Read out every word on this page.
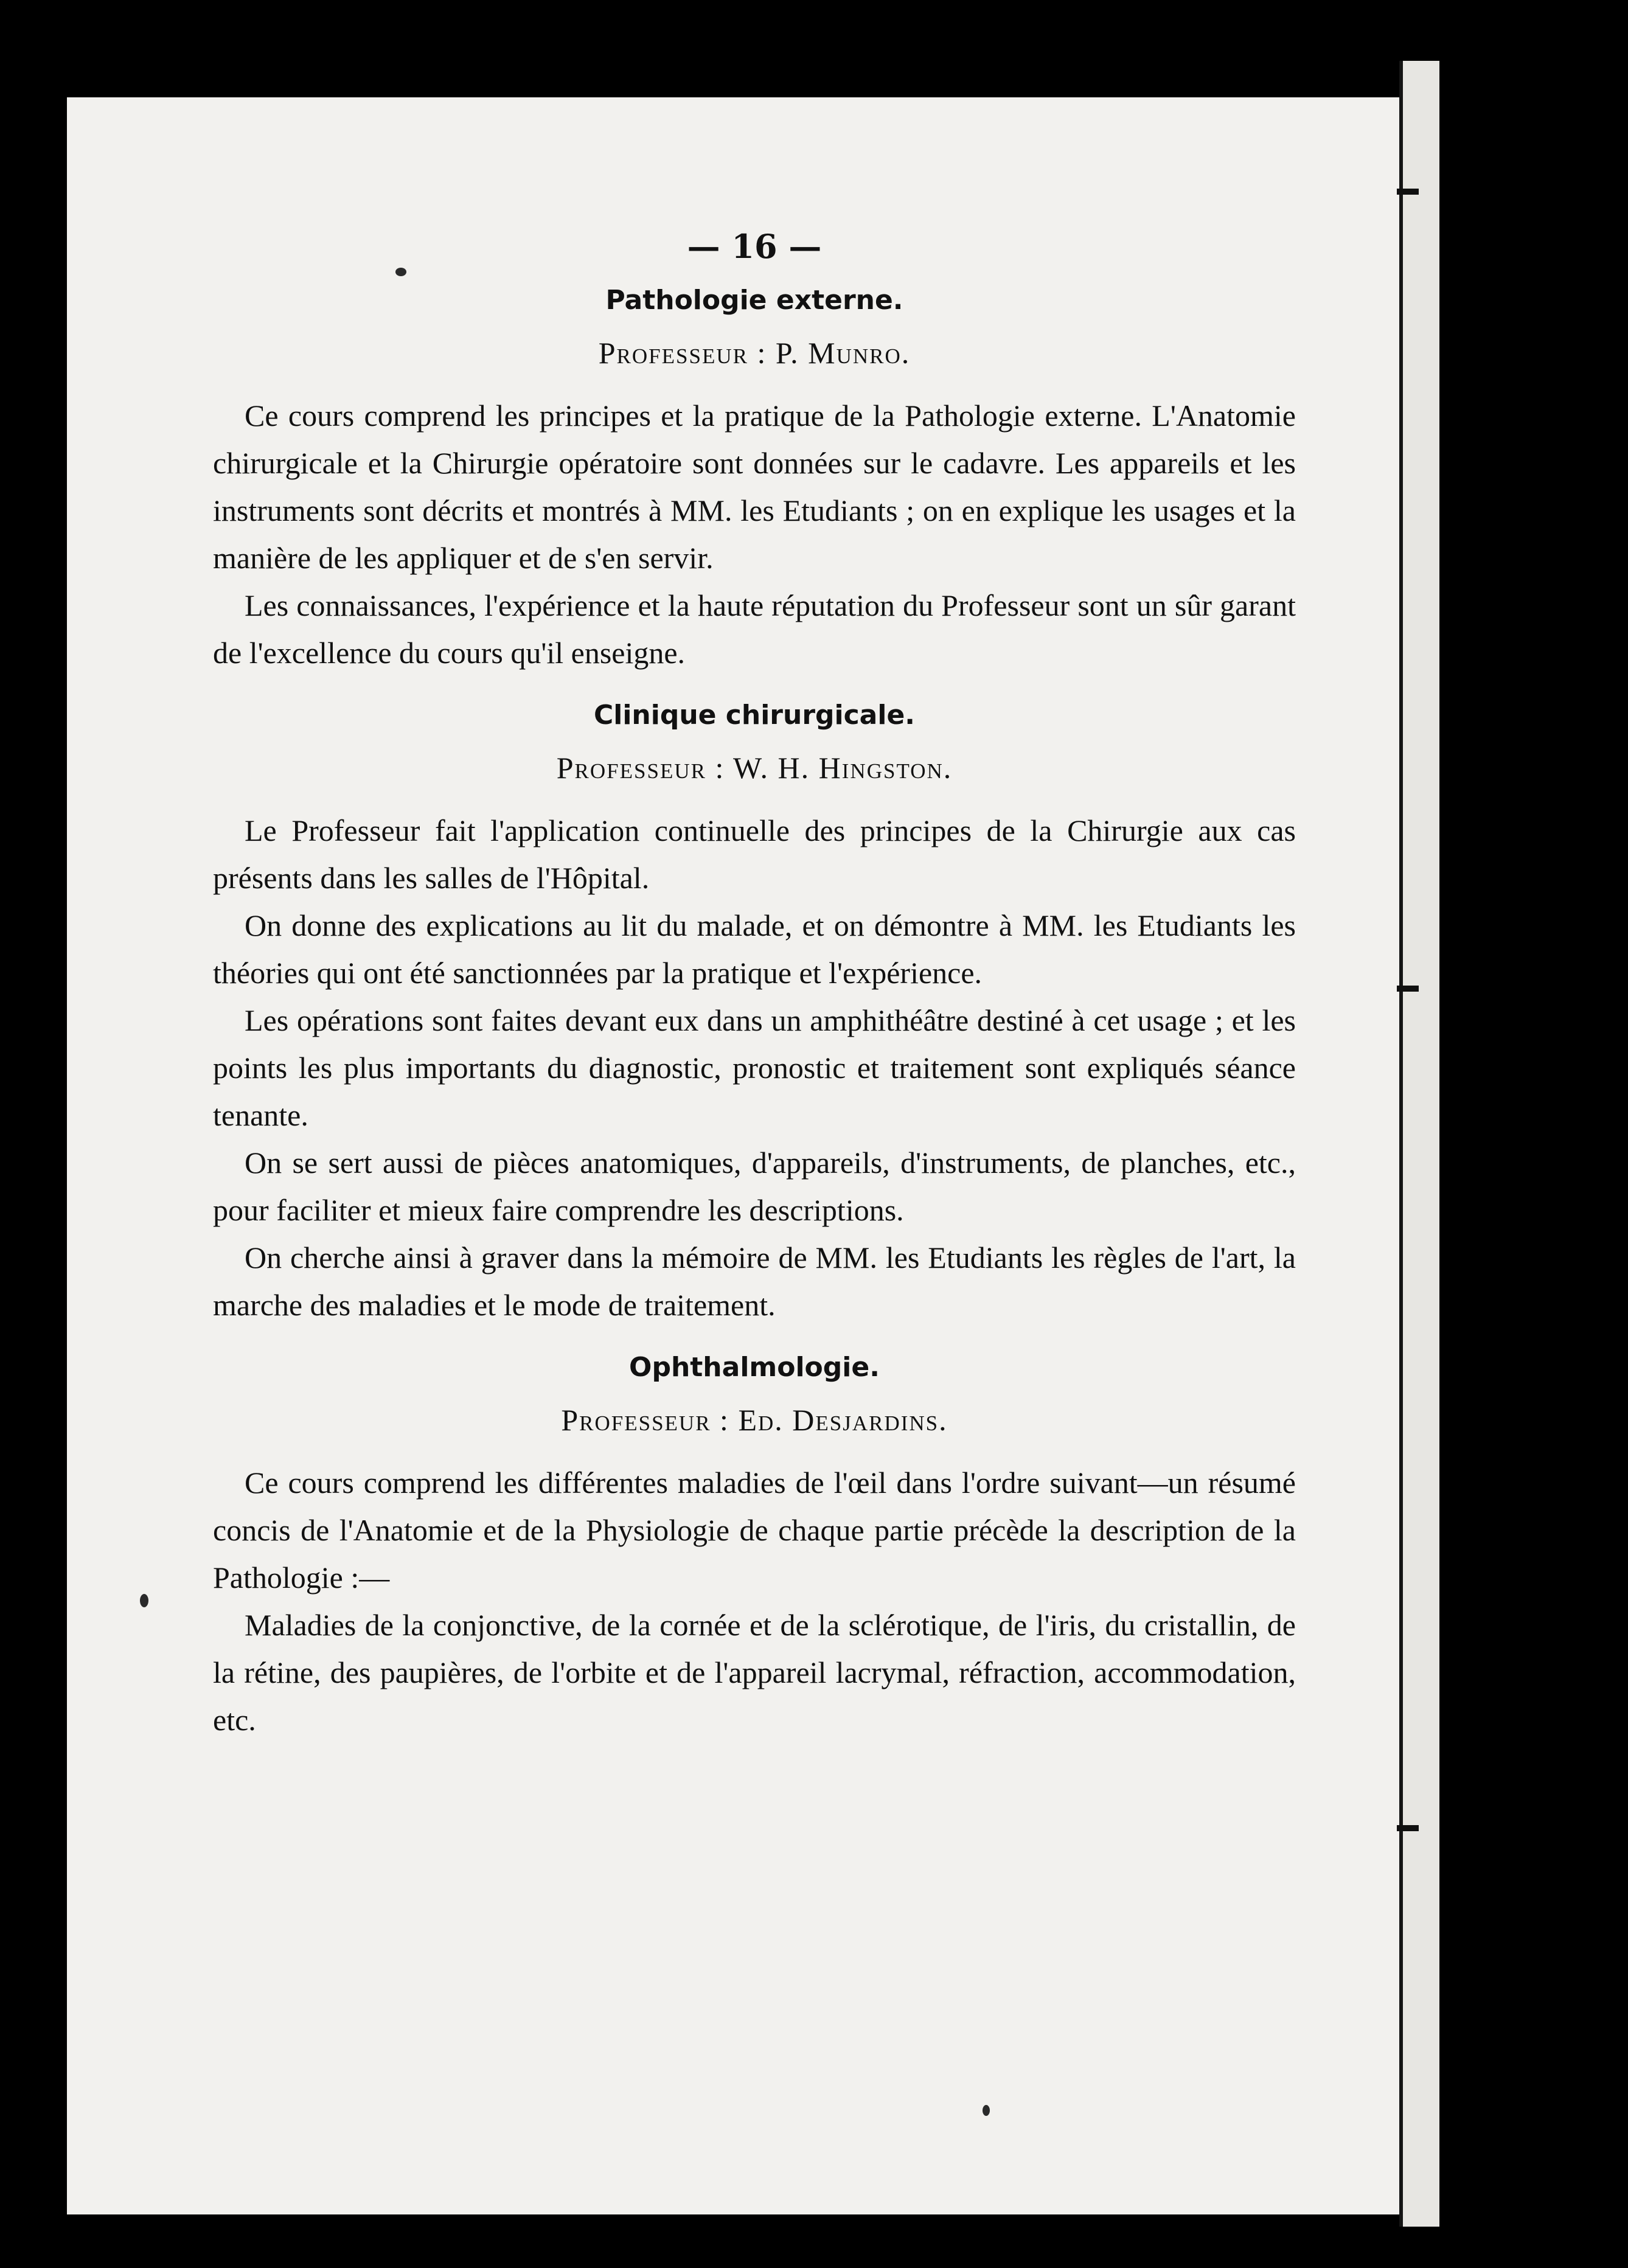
— 16 —
Pathologie externe.
Professeur : P. Munro.

Ce cours comprend les principes et la pratique de la Pathologie externe. L'Anatomie chirurgicale et la Chirurgie opératoire sont données sur le cadavre. Les appareils et les instruments sont décrits et montrés à MM. les Etudiants ; on en explique les usages et la manière de les appliquer et de s'en servir.

Les connaissances, l'expérience et la haute réputation du Professeur sont un sûr garant de l'excellence du cours qu'il enseigne.

Clinique chirurgicale.
Professeur : W. H. Hingston.

Le Professeur fait l'application continuelle des principes de la Chirurgie aux cas présents dans les salles de l'Hôpital.

On donne des explications au lit du malade, et on démontre à MM. les Etudiants les théories qui ont été sanctionnées par la pratique et l'expérience.

Les opérations sont faites devant eux dans un amphithéâtre destiné à cet usage ; et les points les plus importants du diagnostic, pronostic et traitement sont expliqués séance tenante.

On se sert aussi de pièces anatomiques, d'appareils, d'instruments, de planches, etc., pour faciliter et mieux faire comprendre les descriptions.

On cherche ainsi à graver dans la mémoire de MM. les Etudiants les règles de l'art, la marche des maladies et le mode de traitement.

Ophthalmologie.
Professeur : Ed. Desjardins.

Ce cours comprend les différentes maladies de l'œil dans l'ordre suivant—un résumé concis de l'Anatomie et de la Physiologie de chaque partie précède la description de la Pathologie :—

Maladies de la conjonctive, de la cornée et de la sclérotique, de l'iris, du cristallin, de la rétine, des paupières, de l'orbite et de l'appareil lacrymal, réfraction, accommodation, etc.
